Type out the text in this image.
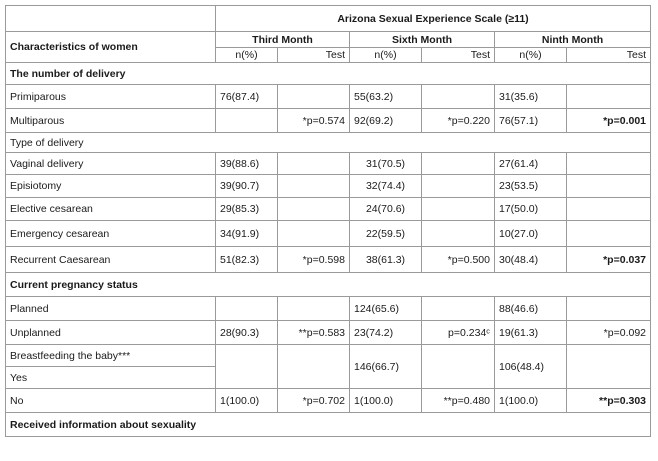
	Arizona Sexual Experience Scale (≥11)					
Characteristics of women	Third Month		Sixth Month		Ninth Month	
	n(%)	Test	n(%)	Test	n(%)	Test
The number of delivery						
Primiparous	76(87.4)		55(63.2)		31(35.6)	
Multiparous		*p=0.574	92(69.2)	*p=0.220	76(57.1)	*p=0.001
Type of delivery						
Vaginal delivery	39(88.6)		31(70.5)		27(61.4)	
Episiotomy	39(90.7)		32(74.4)		23(53.5)	
Elective cesarean	29(85.3)		24(70.6)		17(50.0)	
Emergency cesarean	34(91.9)		22(59.5)		10(27.0)	
Recurrent Caesarean	51(82.3)	*p=0.598	38(61.3)	*p=0.500	30(48.4)	*p=0.037
Current pregnancy status						
Planned			124(65.6)		88(46.6)	
Unplanned	28(90.3)	**p=0.583	23(74.2)	p=0.234ᶜ	19(61.3)	*p=0.092
Breastfeeding the baby***			146(66.7)		106(48.4)	
Yes						
No	1(100.0)	*p=0.702	1(100.0)	**p=0.480	1(100.0)	**p=0.303
Received information about sexuality						
